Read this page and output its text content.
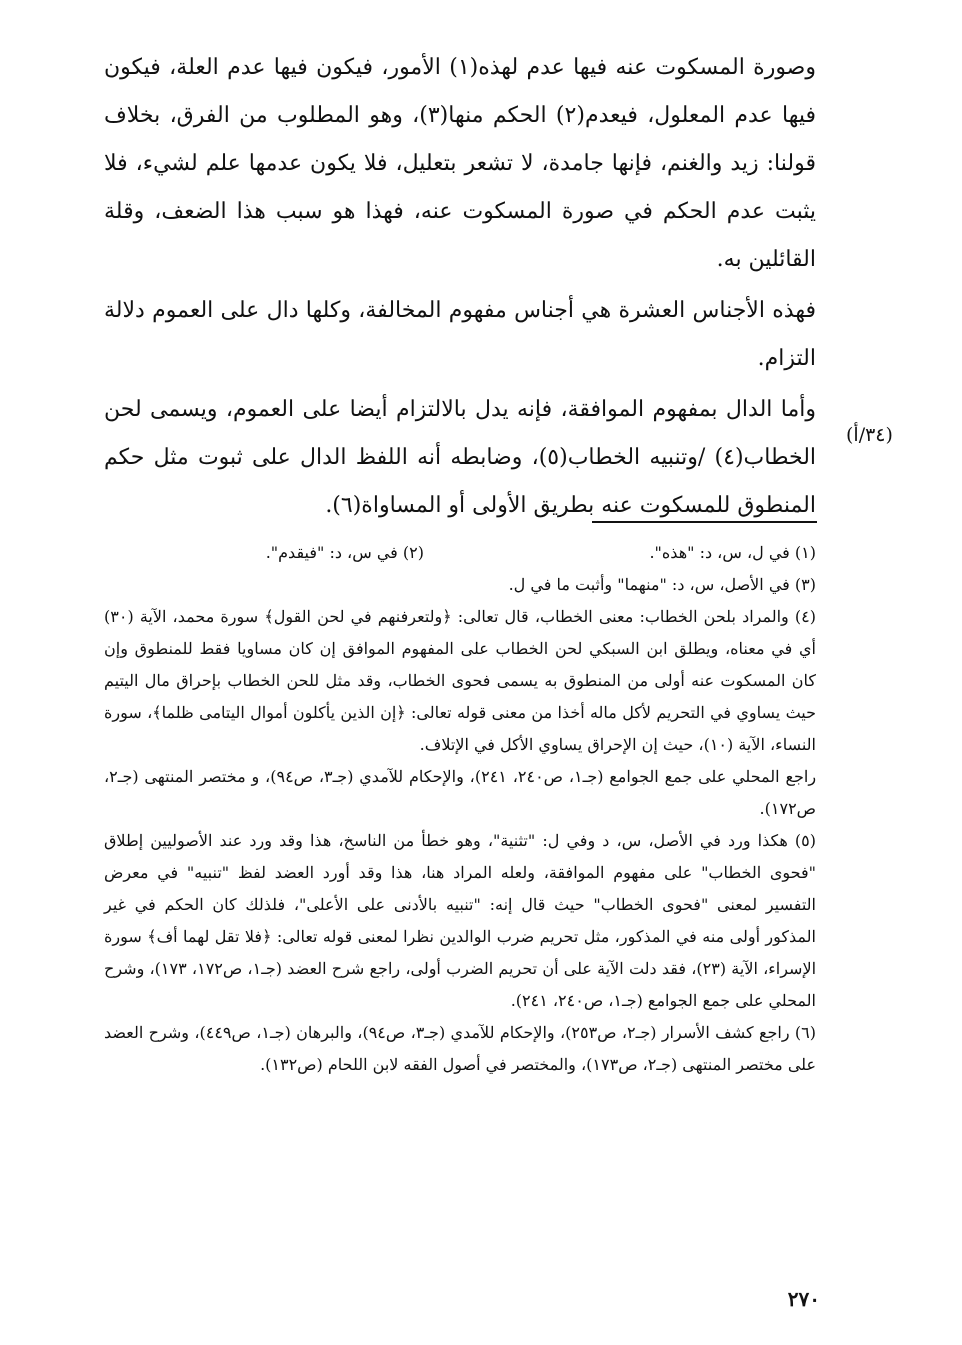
وصورة المسكوت عنه فيها عدم لهذه(١) الأمور، فيكون فيها عدم العلة، فيكون فيها عدم المعلول، فيعدم(٢) الحكم منها(٣)، وهو المطلوب من الفرق، بخلاف قولنا: زيد والغنم، فإنها جامدة، لا تشعر بتعليل، فلا يكون عدمها علم لشيء، فلا يثبت عدم الحكم في صورة المسكوت عنه، فهذا هو سبب هذا الضعف، وقلة القائلين به.

فهذه الأجناس العشرة هي أجناس مفهوم المخالفة، وكلها دال على العموم دلالة التزام.

وأما الدال بمفهوم الموافقة، فإنه يدل بالالتزام أيضا على العموم، ويسمى لحن الخطاب(٤) /وتنبيه الخطاب(٥)، وضابطه أنه اللفظ الدال على ثبوت مثل حكم المنطوق للمسكوت عنه بطريق الأولى أو المساواة(٦).

(٣٤/أ)
(١) في ل، س، د: "هذه".
(٢) في س، د: "فيقدم".

(٣) في الأصل، س، د: "منهما" وأثبت ما في ل.

(٤) والمراد بلحن الخطاب: معنى الخطاب، قال تعالى: ﴿ولتعرفنهم في لحن القول﴾ سورة محمد، الآية (٣٠) أي في معناه، ويطلق ابن السبكي لحن الخطاب على المفهوم الموافق إن كان مساويا فقط للمنطوق وإن كان المسكوت عنه أولى من المنطوق به يسمى فحوى الخطاب، وقد مثل للحن الخطاب بإحراق مال اليتيم حيث يساوي في التحريم لأكل ماله أخذا من معنى قوله تعالى: ﴿إن الذين يأكلون أموال اليتامى ظلما﴾، سورة النساء، الآية (١٠)، حيث إن الإحراق يساوي الأكل في الإتلاف.

راجع المحلي على جمع الجوامع (جـ١، ص٢٤٠، ٢٤١)، والإحكام للآمدي (جـ٣، ص٩٤)، و مختصر المنتهى (جـ٢، ص١٧٢).

(٥) هكذا ورد في الأصل، س، د وفي ل: "تثنية"، وهو خطأ من الناسخ، هذا وقد ورد عند الأصوليين إطلاق "فحوى الخطاب" على مفهوم الموافقة، ولعله المراد هنا، هذا وقد أورد العضد لفظ "تنبيه" في معرض التفسير لمعنى "فحوى الخطاب" حيث قال إنه: "تنبيه بالأدنى على الأعلى"، فلذلك كان الحكم في غير المذكور أولى منه في المذكور، مثل تحريم ضرب الوالدين نظرا لمعنى قوله تعالى: ﴿فلا تقل لهما أف﴾ سورة الإسراء، الآية (٢٣)، فقد دلت الآية على أن تحريم الضرب أولى، راجع شرح العضد (جـ١، ص١٧٢، ١٧٣)، وشرح المحلي على جمع الجوامع (جـ١، ص٢٤٠، ٢٤١).

(٦) راجع كشف الأسرار (جـ٢، ص٢٥٣)، والإحكام للآمدي (جـ٣، ص٩٤)، والبرهان (جـ١، ص٤٤٩)، وشرح العضد على مختصر المنتهى (جـ٢، ص١٧٣)، والمختصر في أصول الفقه لابن اللحام (ص١٣٢).

٢٧٠
